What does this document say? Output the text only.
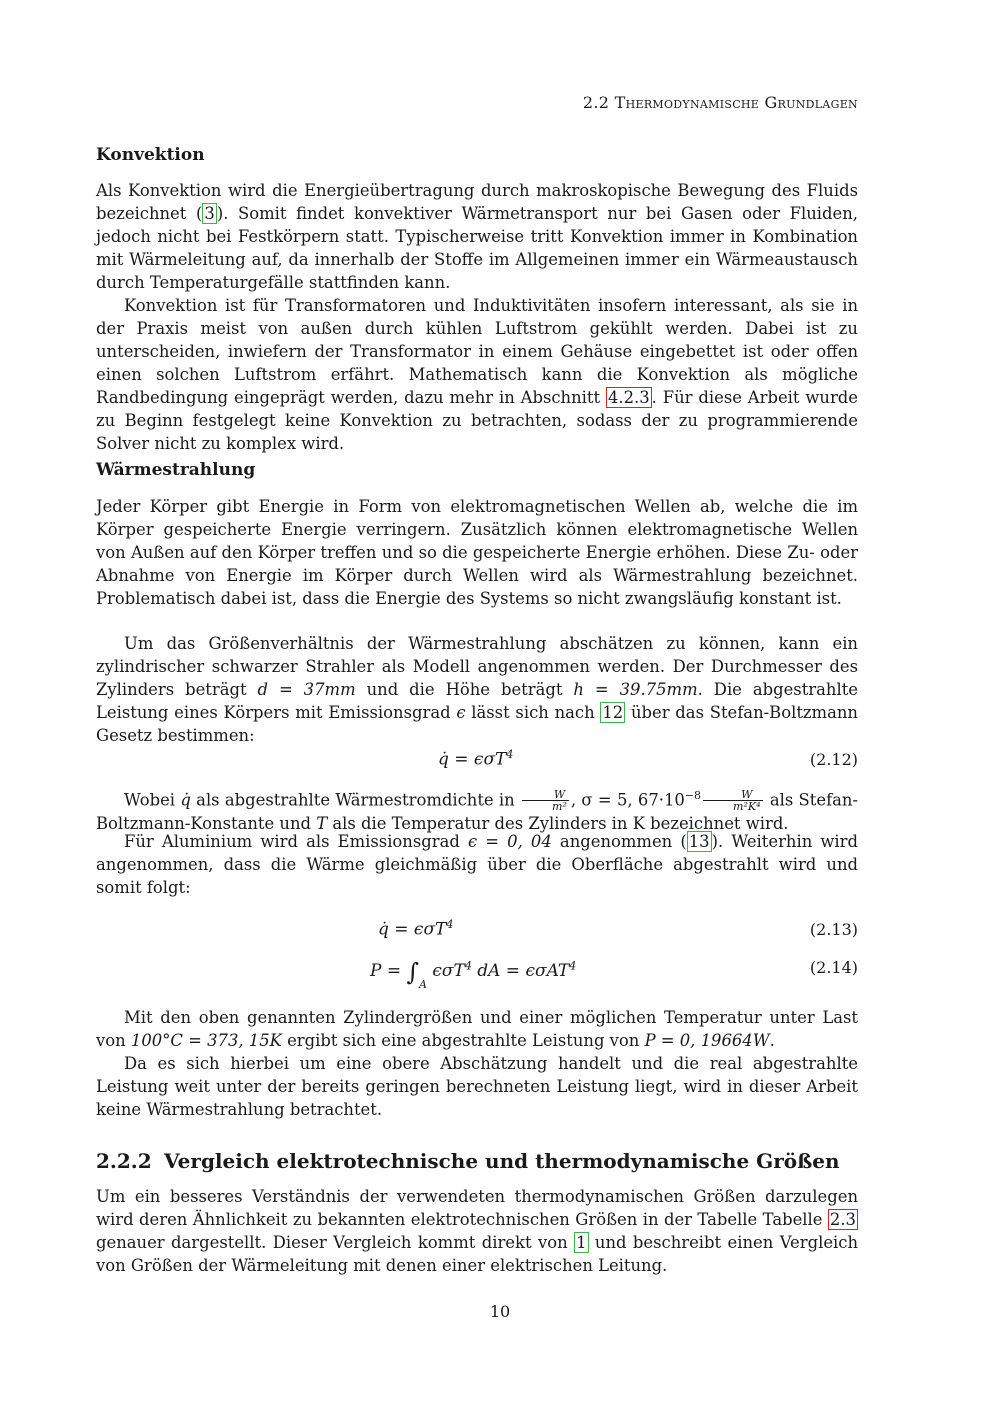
2.2 Thermodynamische Grundlagen
Konvektion

Als Konvektion wird die Energieübertragung durch makroskopische Bewegung des Fluids bezeichnet ( 3 ). Somit findet konvektiver Wärmetransport nur bei Gasen oder Fluiden, jedoch nicht bei Festkörpern statt. Typischerweise tritt Konvektion immer in Kombination mit Wärmeleitung auf, da innerhalb der Stoffe im Allgemeinen immer ein Wärmeaustausch durch Temperaturgefälle stattfinden kann.

Konvektion ist für Transformatoren und Induktivitäten insofern interessant, als sie in der Praxis meist von außen durch kühlen Luftstrom gekühlt werden. Dabei ist zu unterscheiden, inwiefern der Transformator in einem Gehäuse eingebettet ist oder offen einen solchen Luftstrom erfährt. Mathematisch kann die Konvektion als mögliche Randbedingung eingeprägt werden, dazu mehr in Abschnitt 4.2.3 . Für diese Arbeit wurde zu Beginn festgelegt keine Konvektion zu betrachten, sodass der zu programmierende Solver nicht zu komplex wird.

Wärmestrahlung

Jeder Körper gibt Energie in Form von elektromagnetischen Wellen ab, welche die im Körper gespeicherte Energie verringern. Zusätzlich können elektromagnetische Wellen von Außen auf den Körper treffen und so die gespeicherte Energie erhöhen. Diese Zu- oder Abnahme von Energie im Körper durch Wellen wird als Wärmestrahlung bezeichnet. Problematisch dabei ist, dass die Energie des Systems so nicht zwangsläufig konstant ist.

Um das Größenverhältnis der Wärmestrahlung abschätzen zu können, kann ein zylindrischer schwarzer Strahler als Modell angenommen werden. Der Durchmesser des Zylinders beträgt d = 37mm und die Höhe beträgt h = 39.75mm. Die abgestrahlte Leistung eines Körpers mit Emissionsgrad ϵ lässt sich nach 12 über das Stefan-Boltzmann Gesetz bestimmen:

q̇ = ϵσT$^4$	(2.12)

Wobei q̇ als abgestrahlte Wärmestromdichte in $\frac{W}{\text{m²}}$ , σ = 5, $67\cdot 10^{-8} \frac{W}{\text{m²K⁴}}$ als Stefan-Boltzmann-Konstante und T als die Temperatur des Zylinders in K bezeichnet wird.

Für Aluminium wird als Emissionsgrad ϵ = 0, 04 angenommen ( 13 ). Weiterhin wird angenommen, dass die Wärme gleichmäßig über die Oberfläche abgestrahlt wird und somit folgt:

q̇ = ϵσT$^4$	(2.13)
$P = \int_A$ ϵσT$^4$ dA = ϵσAT$^4$	(2.14)

Mit den oben genannten Zylindergrößen und einer möglichen Temperatur unter Last von 100°C = 373, 15K ergibt sich eine abgestrahlte Leistung von P = 0, 19664W.

Da es sich hierbei um eine obere Abschätzung handelt und die real abgestrahlte Leistung weit unter der bereits geringen berechneten Leistung liegt, wird in dieser Arbeit keine Wärmestrahlung betrachtet.

2.2.2 Vergleich elektrotechnische und thermodynamische Größen

Um ein besseres Verständnis der verwendeten thermodynamischen Größen darzulegen wird deren Ähnlichkeit zu bekannten elektrotechnischen Größen in der Tabelle Tabelle 2.3 genauer dargestellt. Dieser Vergleich kommt direkt von 1 und beschreibt einen Vergleich von Größen der Wärmeleitung mit denen einer elektrischen Leitung.

10
